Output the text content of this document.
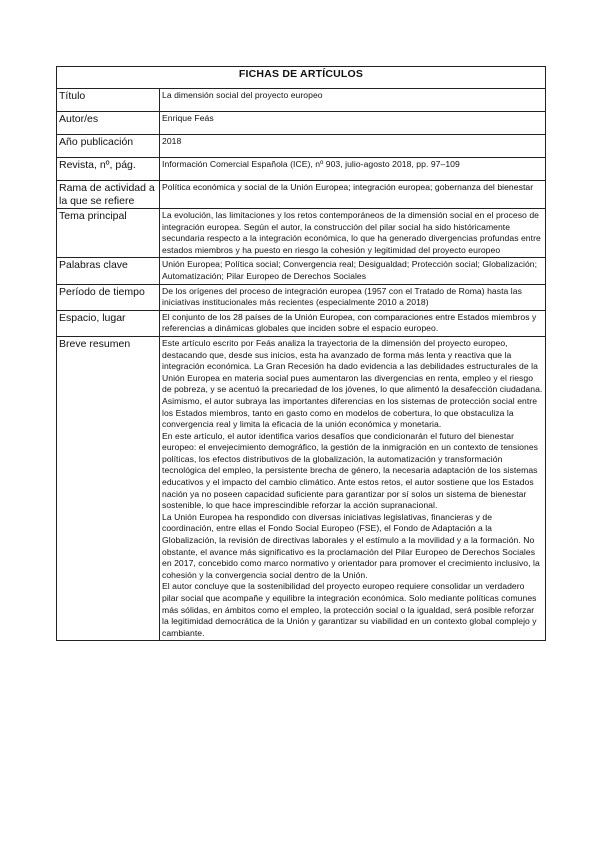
FICHAS DE ARTÍCULOS	
Título	La dimensión social del proyecto europeo
Autor/es	Enrique Feás
Año publicación	2018
Revista, nº, pág.	Información Comercial Española (ICE), nº 903, julio-agosto 2018, pp. 97–109
Rama de actividad a la que se refiere	Política económica y social de la Unión Europea; integración europea; gobernanza del bienestar
Tema principal	La evolución, las limitaciones y los retos contemporáneos de la dimensión social en el proceso de integración europea. Según el autor, la construcción del pilar social ha sido históricamente secundaria respecto a la integración económica, lo que ha generado divergencias profundas entre estados miembros y ha puesto en riesgo la cohesión y legitimidad del proyecto europeo
Palabras clave	Unión Europea; Política social; Convergencia real; Desigualdad; Protección social; Globalización; Automatización; Pilar Europeo de Derechos Sociales
Período de tiempo	De los orígenes del proceso de integración europea (1957 con el Tratado de Roma) hasta las iniciativas institucionales más recientes (especialmente 2010 a 2018)
Espacio, lugar	El conjunto de los 28 países de la Unión Europea, con comparaciones entre Estados miembros y referencias a dinámicas globales que inciden sobre el espacio europeo.
Breve resumen	Este artículo escrito por Feás analiza la trayectoria de la dimensión del proyecto europeo, destacando que, desde sus inicios, esta ha avanzado de forma más lenta y reactiva que la integración económica. La Gran Recesión ha dado evidencia a las debilidades estructurales de la Unión Europea en materia social pues aumentaron las divergencias en renta, empleo y el riesgo de pobreza, y se acentuó la precariedad de los jóvenes, lo que alimentó la desafección ciudadana. Asimismo, el autor subraya las importantes diferencias en los sistemas de protección social entre los Estados miembros, tanto en gasto como en modelos de cobertura, lo que obstaculiza la convergencia real y limita la eficacia de la unión económica y monetaria.

En este artículo, el autor identifica varios desafíos que condicionarán el futuro del bienestar europeo: el envejecimiento demográfico, la gestión de la inmigración en un contexto de tensiones políticas, los efectos distributivos de la globalización, la automatización y transformación tecnológica del empleo, la persistente brecha de género, la necesaria adaptación de los sistemas educativos y el impacto del cambio climático. Ante estos retos, el autor sostiene que los Estados nación ya no poseen capacidad suficiente para garantizar por sí solos un sistema de bienestar sostenible, lo que hace imprescindible reforzar la acción supranacional.

La Unión Europea ha respondido con diversas iniciativas legislativas, financieras y de coordinación, entre ellas el Fondo Social Europeo (FSE), el Fondo de Adaptación a la Globalización, la revisión de directivas laborales y el estímulo a la movilidad y a la formación. No obstante, el avance más significativo es la proclamación del Pilar Europeo de Derechos Sociales en 2017, concebido como marco normativo y orientador para promover el crecimiento inclusivo, la cohesión y la convergencia social dentro de la Unión.

El autor concluye que la sostenibilidad del proyecto europeo requiere consolidar un verdadero pilar social que acompañe y equilibre la integración económica. Solo mediante políticas comunes más sólidas, en ámbitos como el empleo, la protección social o la igualdad, será posible reforzar la legitimidad democrática de la Unión y garantizar su viabilidad en un contexto global complejo y cambiante.
